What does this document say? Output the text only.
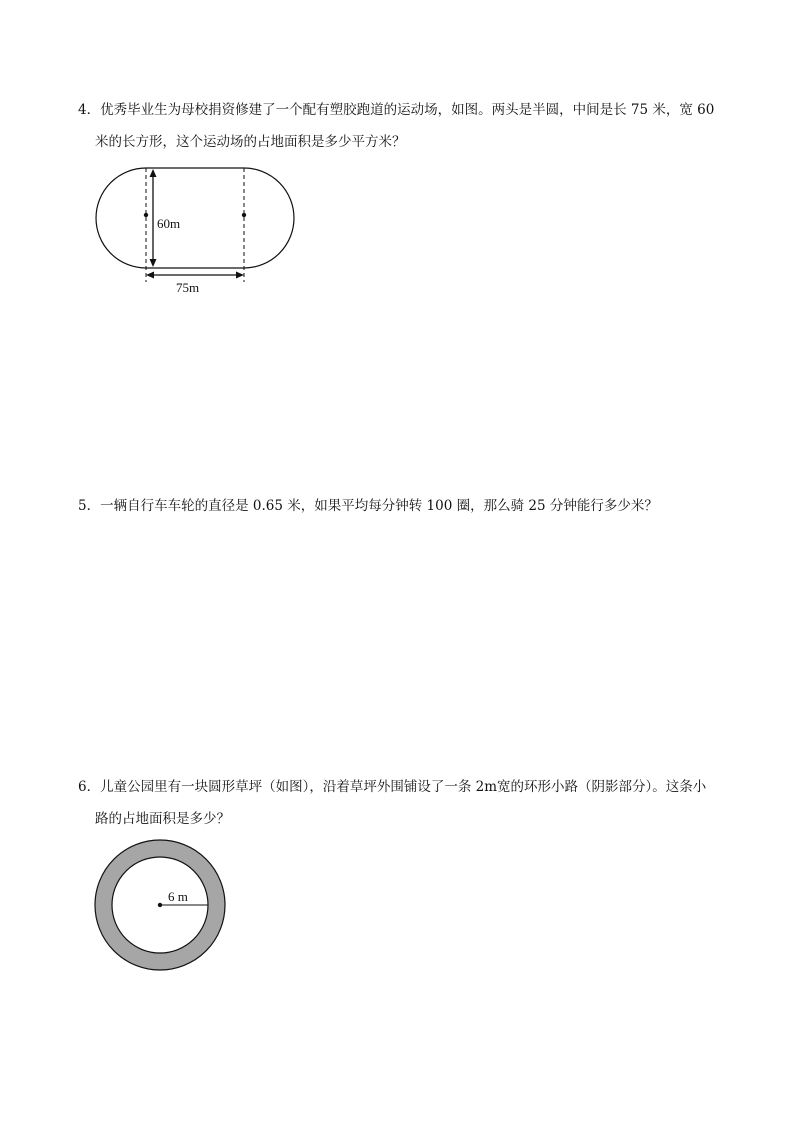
4．优秀毕业生为母校捐资修建了一个配有塑胶跑道的运动场，如图。两头是半圆，中间是长 75 米，宽 60
米的长方形，这个运动场的占地面积是多少平方米？
60m
75m
5．一辆自行车车轮的直径是 0.65 米，如果平均每分钟转 100 圈，那么骑 25 分钟能行多少米？
6．儿童公园里有一块圆形草坪（如图），沿着草坪外围铺设了一条 2m宽的环形小路（阴影部分）。这条小
路的占地面积是多少？
6 m
